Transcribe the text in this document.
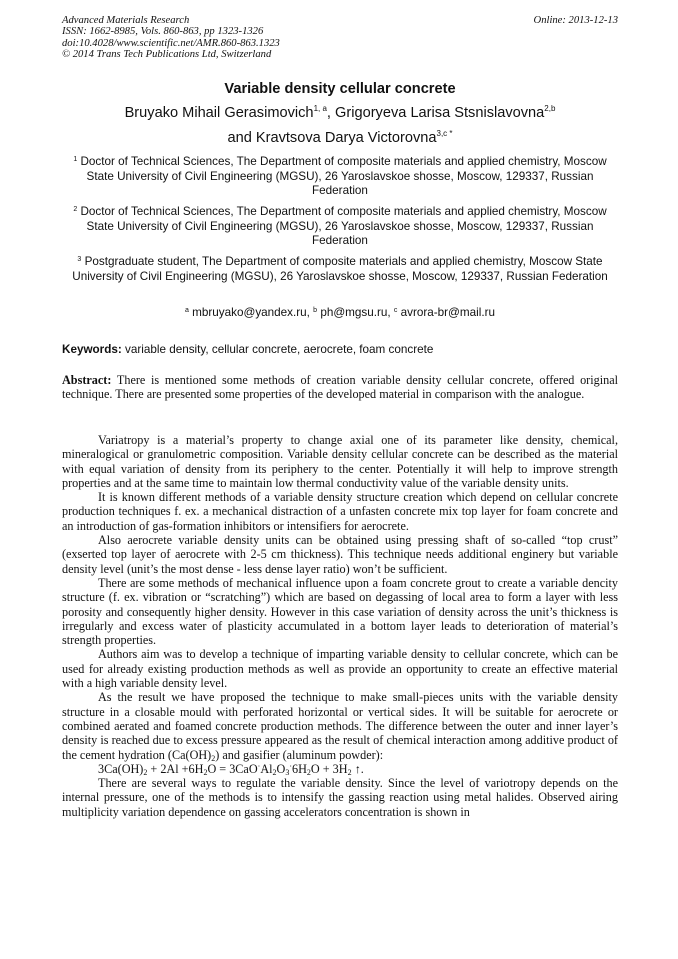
Advanced Materials Research
ISSN: 1662-8985, Vols. 860-863, pp 1323-1326
doi:10.4028/www.scientific.net/AMR.860-863.1323
© 2014 Trans Tech Publications Ltd, Switzerland
Online: 2013-12-13
Variable density cellular concrete
Bruyako Mihail Gerasimovich$^{1, a}$, Grigoryeva Larisa Stsnislavovna$^{2,b}$
and Kravtsova Darya Victorovna$^{3,c *}$
$^1$ Doctor of Technical Sciences, The Department of composite materials and applied chemistry, Moscow State University of Civil Engineering (MGSU), 26 Yaroslavskoe shosse, Moscow, 129337, Russian Federation
$^2$ Doctor of Technical Sciences, The Department of composite materials and applied chemistry, Moscow State University of Civil Engineering (MGSU), 26 Yaroslavskoe shosse, Moscow, 129337, Russian Federation
$^3$ Postgraduate student, The Department of composite materials and applied chemistry, Moscow State University of Civil Engineering (MGSU), 26 Yaroslavskoe shosse, Moscow, 129337, Russian Federation
$^a$ mbruyako@yandex.ru, $^b$ ph@mgsu.ru, $^c$ avrora-br@mail.ru
Keywords: variable density, cellular concrete, aerocrete, foam concrete
Abstract: There is mentioned some methods of creation variable density cellular concrete, offered original technique. There are presented some properties of the developed material in comparison with the analogue.

Variatropy is a material’s property to change axial one of its parameter like density, chemical, mineralogical or granulometric composition. Variable density cellular concrete can be described as the material with equal variation of density from its periphery to the center. Potentially it will help to improve strength properties and at the same time to maintain low thermal conductivity value of the variable density units.

It is known different methods of a variable density structure creation which depend on cellular concrete production techniques f. ex. a mechanical distraction of a unfasten concrete mix top layer for foam concrete and an introduction of gas-formation inhibitors or intensifiers for aerocrete.

Also aerocrete variable density units can be obtained using pressing shaft of so-called “top crust” (exserted top layer of aerocrete with 2-5 cm thickness). This technique needs additional enginery but variable density level (unit’s the most dense - less dense layer ratio) won’t be sufficient.

There are some methods of mechanical influence upon a foam concrete grout to create a variable dencity structure (f. ex. vibration or “scratching”) which are based on degassing of local area to form a layer with less porosity and consequently higher density. However in this case variation of density across the unit’s thickness is irregularly and excess water of plasticity accumulated in a bottom layer leads to deterioration of material’s strength properties.

Authors aim was to develop a technique of imparting variable density to cellular concrete, which can be used for already existing production methods as well as provide an opportunity to create an effective material with a high variable density level.

As the result we have proposed the technique to make small-pieces units with the variable density structure in a closable mould with perforated horizontal or vertical sides. It will be suitable for aerocrete or combined aerated and foamed concrete production methods. The difference between the outer and inner layer’s density is reached due to excess pressure appeared as the result of chemical interaction among additive product of the cement hydration $(Ca(OH)_2)$ and gasifier (aluminum powder):

$3Ca(OH)_2 + 2Al +6H_2O = 3CaO^\cdot Al_2O_3^\cdot 6H_2O + 3H_2$ ↑.

There are several ways to regulate the variable density. Since the level of variotropy depends on the internal pressure, one of the methods is to intensify the gassing reaction using metal halides. Observed airing multiplicity variation dependence on gassing accelerators concentration is shown in
